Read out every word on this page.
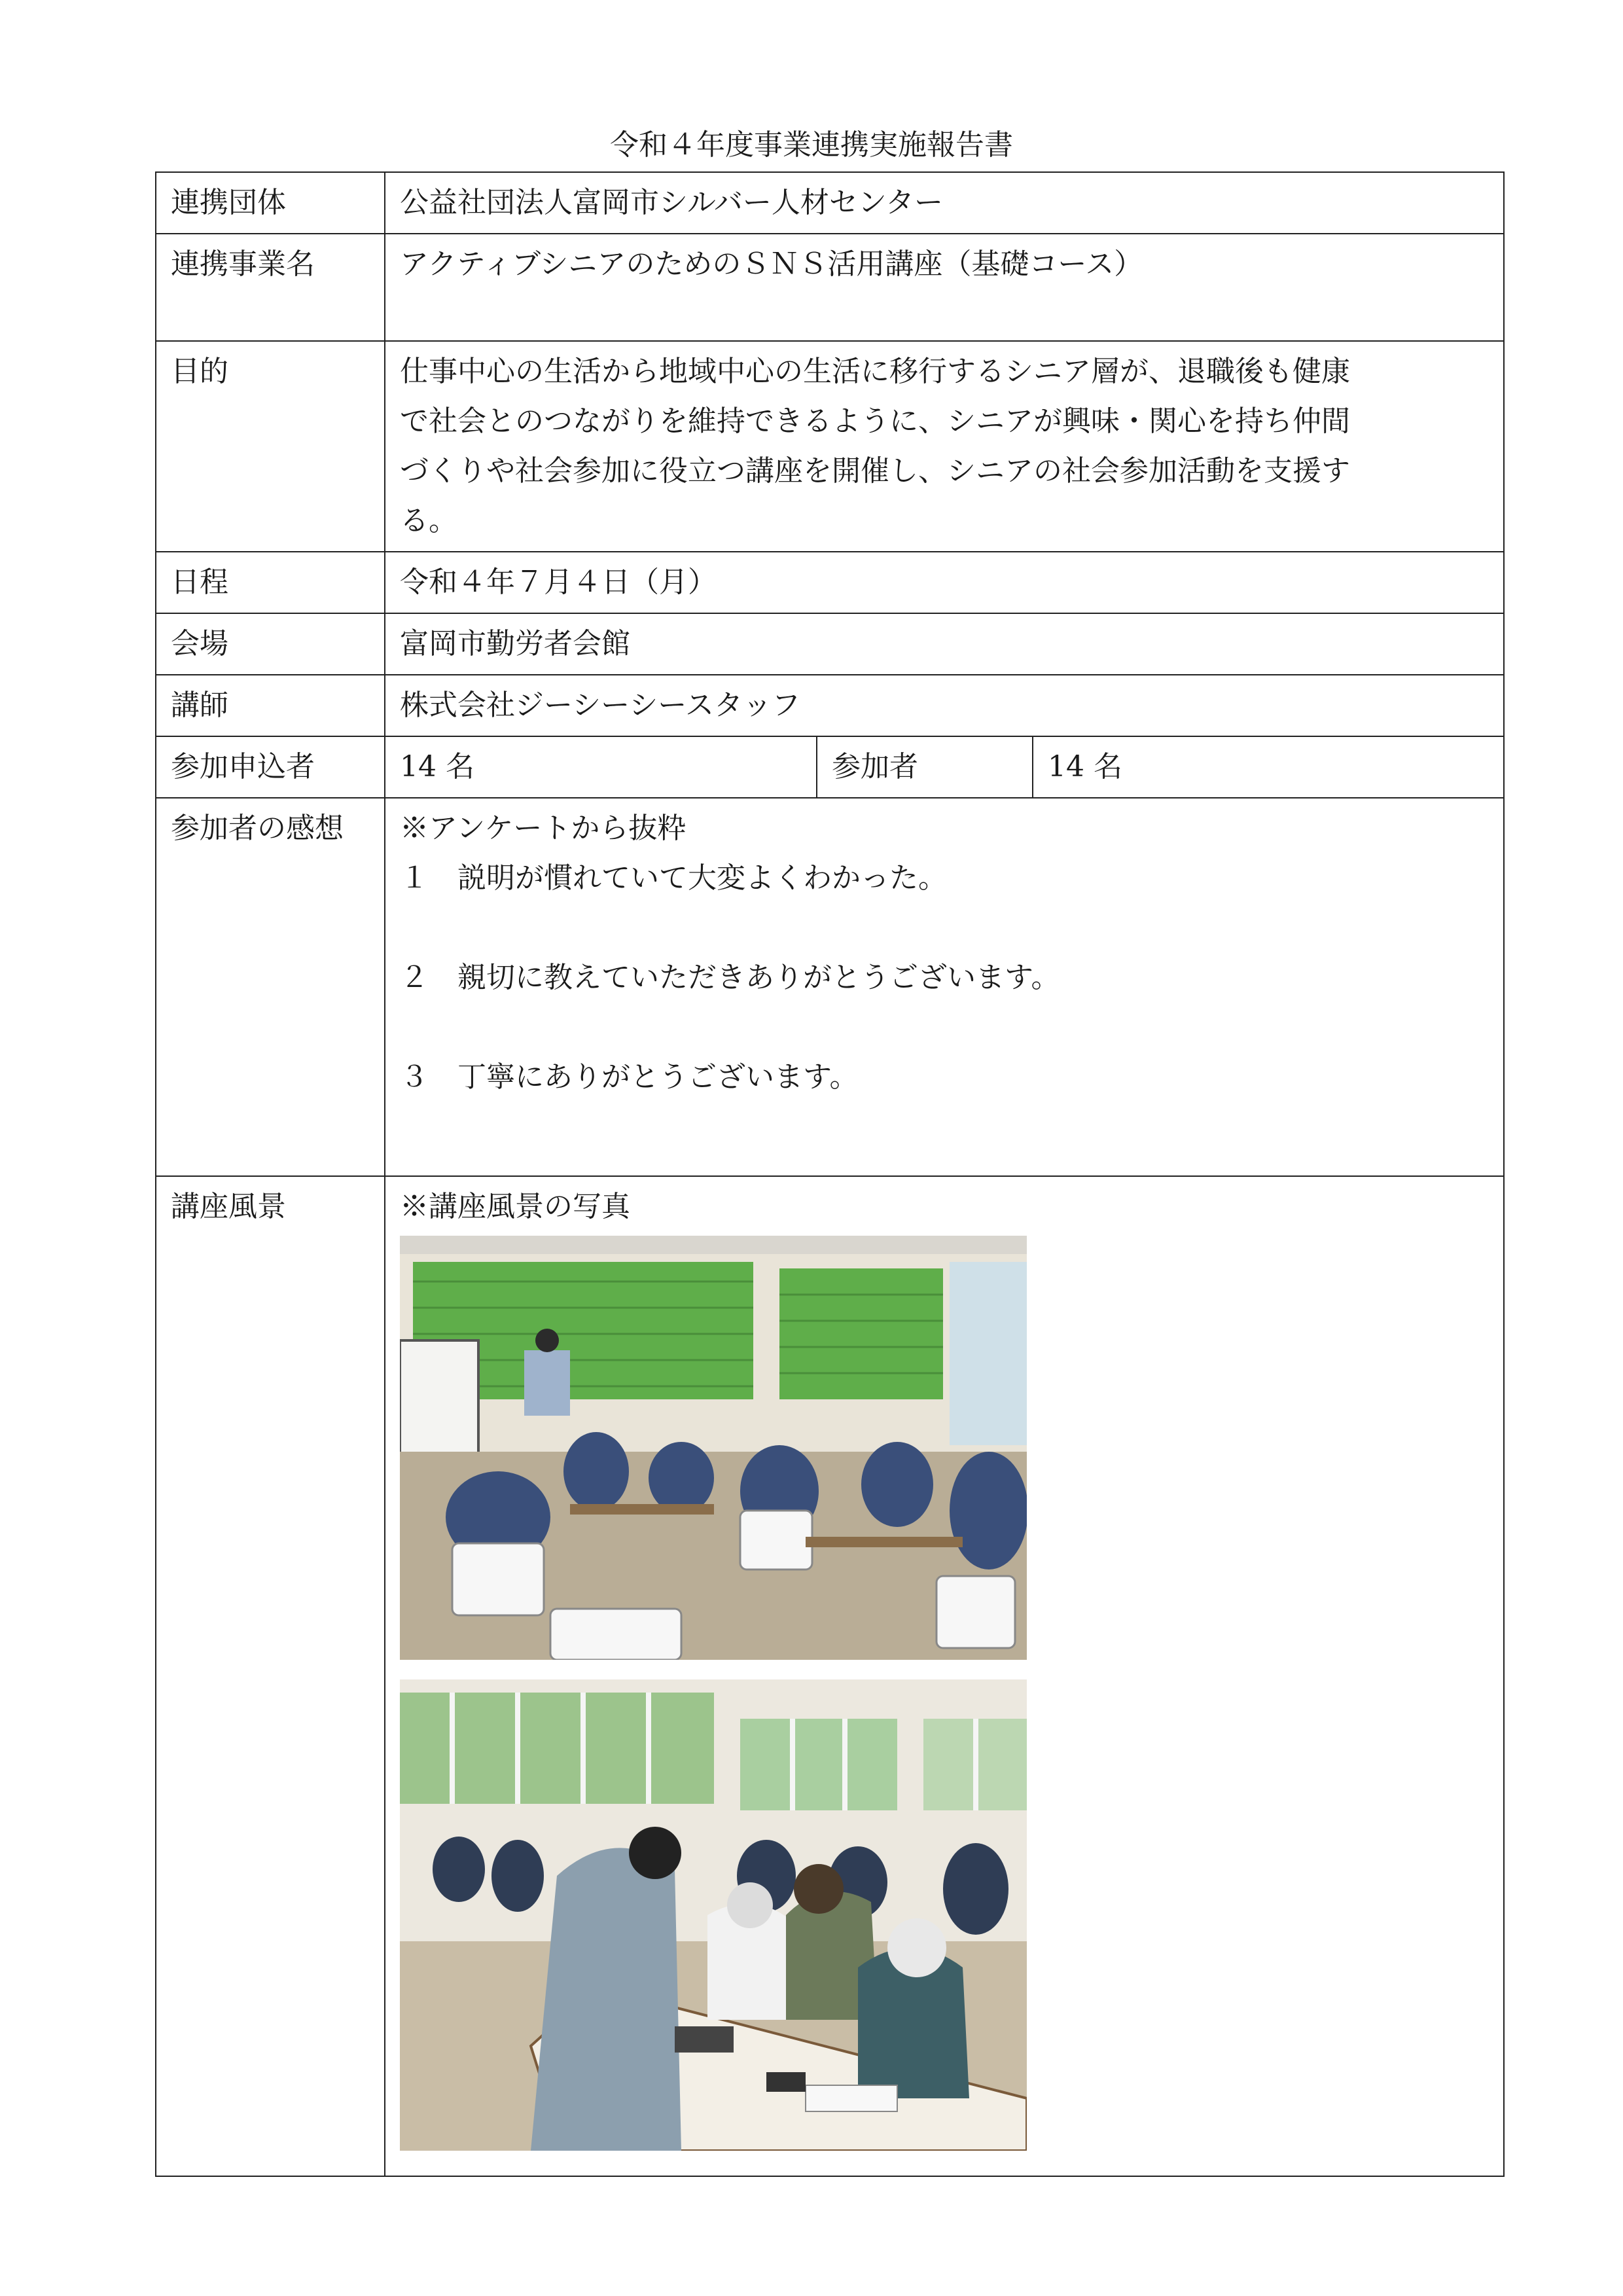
令和４年度事業連携実施報告書
連携団体	公益社団法人富岡市シルバー人材センター		
連携事業名	アクティブシニアのためのＳＮＳ活用講座（基礎コース）		
目的	仕事中心の生活から地域中心の生活に移行するシニア層が、退職後も健康
で社会とのつながりを維持できるように、シニアが興味・関心を持ち仲間
づくりや社会参加に役立つ講座を開催し、シニアの社会参加活動を支援す
る。		

日程	令和４年７月４日（月）		
会場	富岡市勤労者会館		
講師	株式会社ジーシーシースタッフ		
参加申込者	14 名	参加者	14 名
参加者の感想	※アンケートから抜粋
１　説明が慣れていて大変よくわかった。
２　親切に教えていただきありがとうございます。
３　丁寧にありがとうございます。		

講座風景	※講座風景の写真		
